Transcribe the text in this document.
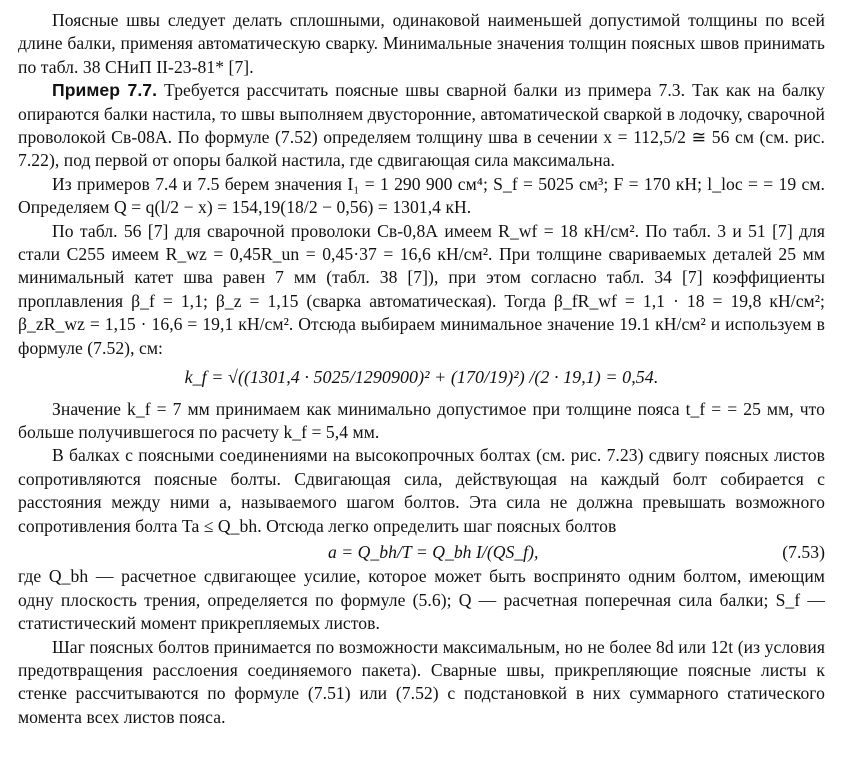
Поясные швы следует делать сплошными, одинаковой наименьшей допустимой толщины по всей длине балки, применяя автоматическую сварку. Минимальные значения толщин поясных швов принимать по табл. 38 СНиП II-23-81* [7].

Пример 7.7. Требуется рассчитать поясные швы сварной балки из примера 7.3. Так как на балку опираются балки настила, то швы выполняем двусторонние, автоматической сваркой в лодочку, сварочной проволокой Св-08А. По формуле (7.52) определяем толщину шва в сечении x = 112,5/2 ≅ 56 см (см. рис. 7.22), под первой от опоры балкой настила, где сдвигающая сила максимальна.

Из примеров 7.4 и 7.5 берем значения I₁ = 1 290 900 см⁴; S_f = 5025 см³; F = 170 кН; l_loc = = 19 см. Определяем Q = q(l/2 − x) = 154,19(18/2 − 0,56) = 1301,4 кН.

По табл. 56 [7] для сварочной проволоки Св-0,8А имеем R_wf = 18 кН/см². По табл. 3 и 51 [7] для стали С255 имеем R_wz = 0,45R_un = 0,45·37 = 16,6 кН/см². При толщине свариваемых деталей 25 мм минимальный катет шва равен 7 мм (табл. 38 [7]), при этом согласно табл. 34 [7] коэффициенты проплавления β_f = 1,1; β_z = 1,15 (сварка автоматическая). Тогда β_fR_wf = 1,1 · 18 = 19,8 кН/см²; β_zR_wz = 1,15 · 16,6 = 19,1 кН/см². Отсюда выбираем минимальное значение 19.1 кН/см² и используем в формуле (7.52), см:

k_f = √((1301,4 · 5025/1290900)² + (170/19)²) /(2 · 19,1) = 0,54.

Значение k_f = 7 мм принимаем как минимально допустимое при толщине пояса t_f = = 25 мм, что больше получившегося по расчету k_f = 5,4 мм.

В балках с поясными соединениями на высокопрочных болтах (см. рис. 7.23) сдвигу поясных листов сопротивляются поясные болты. Сдвигающая сила, действующая на каждый болт собирается с расстояния между ними a, называемого шагом болтов. Эта сила не должна превышать возможного сопротивления болта Ta ≤ Q_bh. Отсюда легко определить шаг поясных болтов

a = Q_bh/T = Q_bh I/(QS_f),	(7.53)

где Q_bh — расчетное сдвигающее усилие, которое может быть воспринято одним болтом, имеющим одну плоскость трения, определяется по формуле (5.6); Q — расчетная поперечная сила балки; S_f — статистический момент прикрепляемых листов.

Шаг поясных болтов принимается по возможности максимальным, но не более 8d или 12t (из условия предотвращения расслоения соединяемого пакета). Сварные швы, прикрепляющие поясные листы к стенке рассчитываются по формуле (7.51) или (7.52) с подстановкой в них суммарного статического момента всех листов пояса.
